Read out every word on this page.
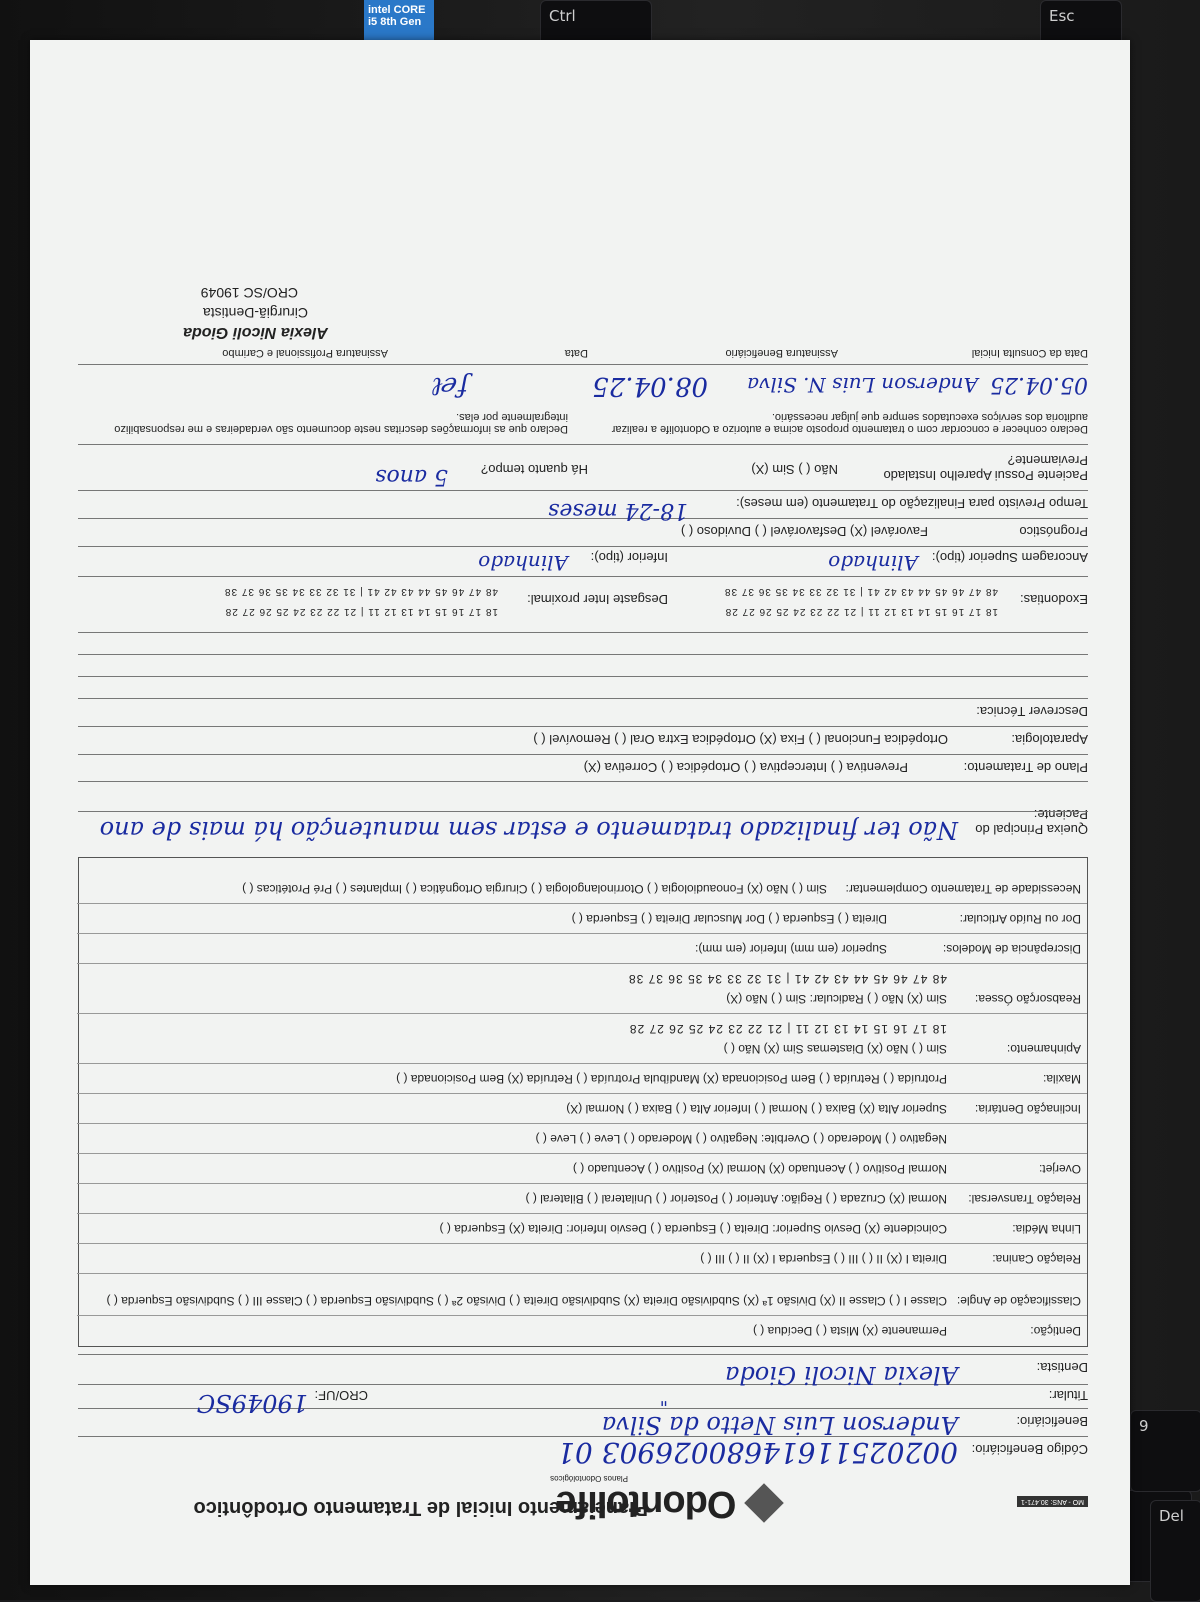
intel CORE i5 8th Gen	Esc
Ctrl
Del
9
MO - ANS: 30.471-1
OdontoIife
Planos Odontológicos
Planejamento Inicial de Tratamento Ortodôntico
Código Beneficiário:
00202511614680026903 01
Beneficiário:
Anderson Luis Netto da Silva
Titular:
"
CRO/UF:
19049SC
Dentista:
Alexia Nicoli Gioda
Dentição:
Permanente (X) Mista ( ) Decídua ( )
Classificação de Angle:
Classe I ( ) Classe II (X) Divisão 1ª (X) Subdivisão Direita (X) Subdivisão Direita ( ) Divisão 2ª ( ) Subdivisão Esquerda ( ) Classe III ( ) Subdivisão Esquerda ( )
Relação Canina:
Direita I (X) II ( ) III ( ) Esquerda I (X) II ( ) III ( )
Linha Média:
Coincidente (X) Desvio Superior: Direita ( ) Esquerda ( ) Desvio Inferior: Direita (X) Esquerda ( )
Relação Transversal:
Normal (X) Cruzada ( ) Região: Anterior ( ) Posterior ( ) Unilateral ( ) Bilateral ( )
Overjet:
Normal Positivo ( ) Acentuado (X) Normal (X) Positivo ( ) Acentuado ( )
Negativo ( ) Moderado ( ) Overbite: Negativo ( ) Moderado ( ) Leve ( ) Leve ( )
Inclinação Dentária:
Superior Alta (X) Baixa ( ) Normal ( ) Inferior Alta ( ) Baixa ( ) Normal (X)
Maxila:
Protruída ( ) Retruída ( ) Bem Posicionada (X) Mandíbula Protruída ( ) Retruída (X) Bem Posicionada ( )
Apinhamento:
Sim ( ) Não (X) Diastemas Sim (X) Não ( )
18 17 16 15 14 13 12 11 | 21 22 23 24 25 26 27 28
Reabsorção Óssea:
Sim (X) Não ( ) Radicular: Sim ( ) Não (X)
48 47 46 45 44 43 42 41 | 31 32 33 34 35 36 37 38
Discrepância de Modelos:
Superior (em mm) Inferior (em mm):
Dor ou Ruído Articular:
Direita ( ) Esquerda ( ) Dor Muscular Direita ( ) Esquerda ( )
Necessidade de Tratamento Complementar:
Sim ( ) Não (X) Fonoaudiologia ( ) Otorrinolangologia ( ) Cirurgia Ortognática ( ) Implantes ( ) Pré Protéticas ( )
Queixa Principal do Paciente:
Não ter finalizado tratamento e estar sem manutenção há mais de ano
Plano de Tratamento:
Preventiva ( ) Interceptiva ( ) Ortopédica ( ) Corretiva (X)
Aparatologia:
Ortopédica Funcional ( ) Fixa (X) Ortopédica Extra Oral ( ) Removível ( )
Descrever Técnica:
Exodontias:
18 17 16 15 14 13 12 11 | 21 22 23 24 25 26 27 28
48 47 46 45 44 43 42 41 | 31 32 33 34 35 36 37 38
Desgaste Inter proximal:
18 17 16 15 14 13 12 11 | 21 22 23 24 25 26 27 28
48 47 46 45 44 43 42 41 | 31 32 33 34 35 36 37 38
Ancoragem Superior (tipo):
Alinhado
Inferior (tipo):
Alinhado
Prognóstico
Favorável (X) Desfavorável ( ) Duvidoso ( )
Tempo Previsto para Finalização do Tratamento (em meses):
18-24 meses
Paciente Possui Aparelho Instalado Previamente?
Não ( ) Sim (X)
Há quanto tempo?
5 anos
Declaro conhecer e concordar com o tratamento proposto acima e autorizo a Odontolife a realizar auditoria dos serviços executados sempre que julgar necessário.
Declaro que as informações descritas neste documento são verdadeiras e me responsabilizo integralmente por elas.
05.04.25
Anderson Luis N. Silva
08.04.25
Data da Consulta Inicial
Assinatura Beneficiário
Data
Assinatura Profissional e Carimbo
ƒℯℓ
Alexia Nicoli Gioda
Cirurgiã-Dentista
CRO/SC 19049
